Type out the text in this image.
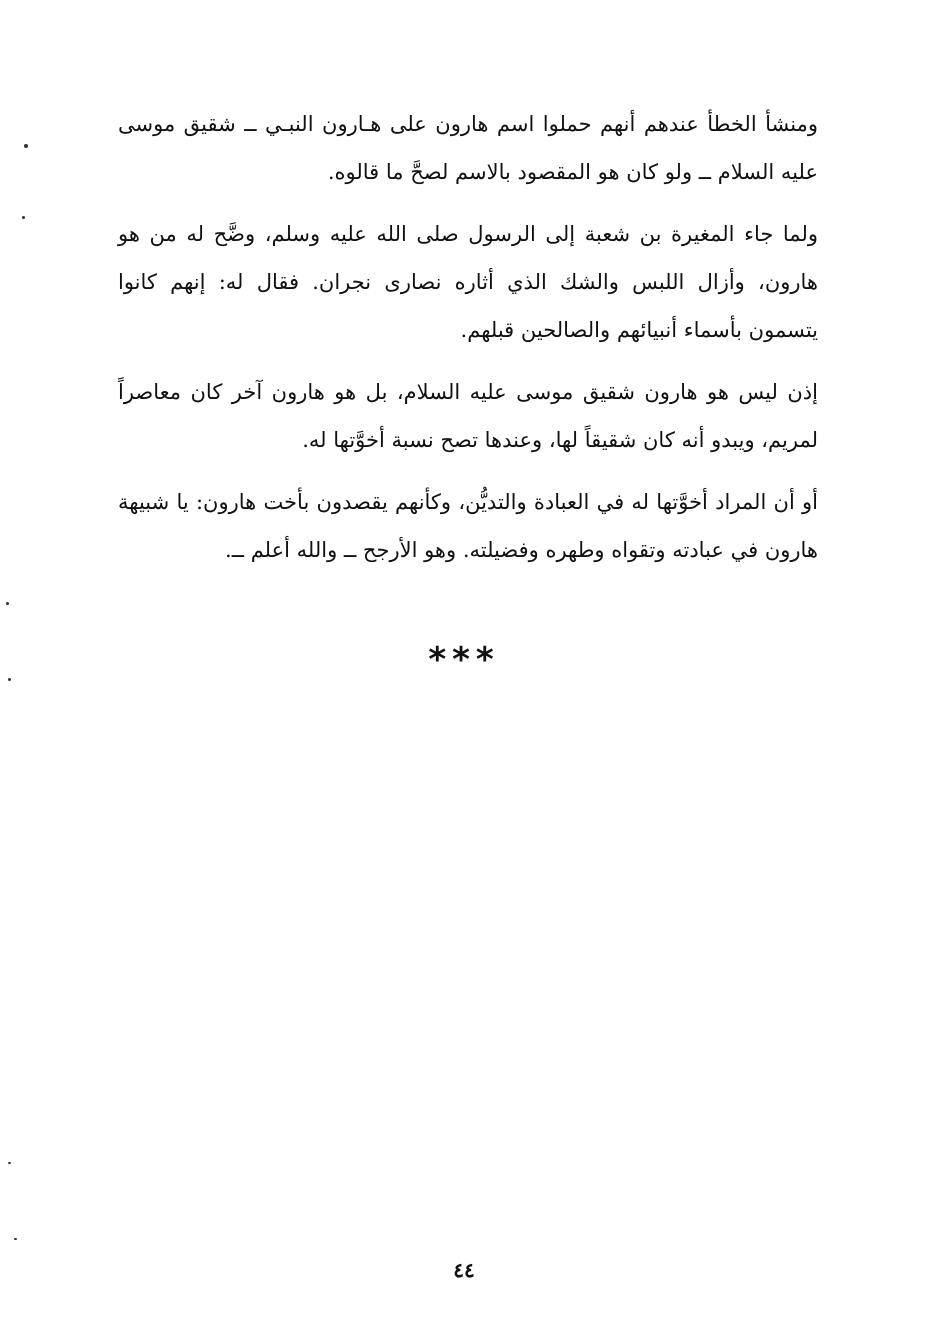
ومنشأ الخطأ عندهم أنهم حملوا اسم هارون على هـارون النبـي ــ شقيق موسى عليه السلام ــ ولو كان هو المقصود بالاسم لصحَّ ما قالوه.

ولما جاء المغيرة بن شعبة إلى الرسول صلى الله عليه وسلم، وضَّح له من هو هارون، وأزال اللبس والشك الذي أثاره نصارى نجران. فقال له: إنهم كانوا يتسمون بأسماء أنبيائهم والصالحين قبلهم.

إذن ليس هو هارون شقيق موسى عليه السلام، بل هو هارون آخر كان معاصراً لمريم، ويبدو أنه كان شقيقاً لها، وعندها تصح نسبة أخوَّتها له.

أو أن المراد أخوَّتها له في العبادة والتديُّن، وكأنهم يقصدون بأخت هارون: يا شبيهة هارون في عبادته وتقواه وطهره وفضيلته. وهو الأرجح ــ والله أعلم ــ.

***
٤٤
